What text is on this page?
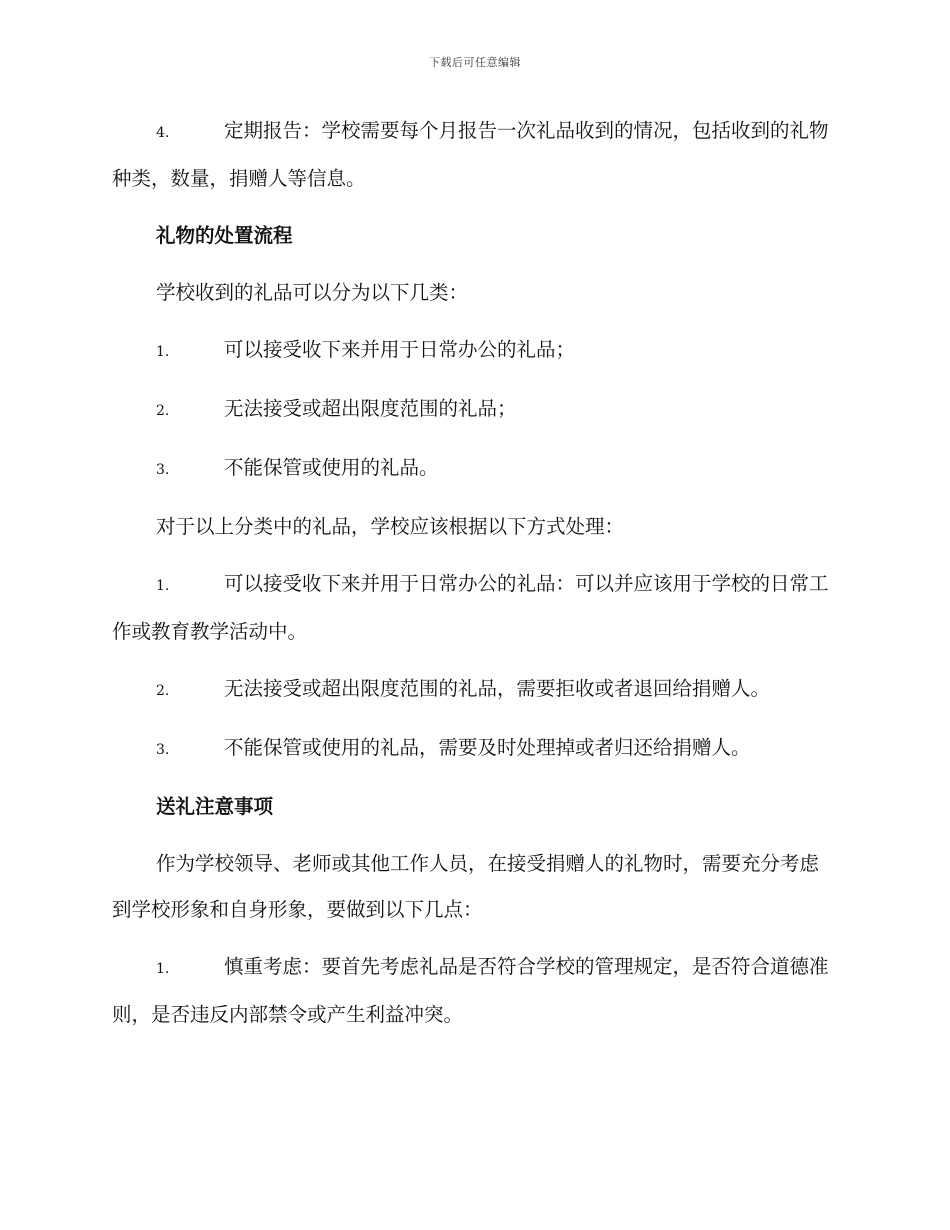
下载后可任意编辑

4.	定期报告：学校需要每个月报告一次礼品收到的情况，包括收到的礼物种类，数量，捐赠人等信息。

礼物的处置流程

学校收到的礼品可以分为以下几类：

1.	可以接受收下来并用于日常办公的礼品；

2.	无法接受或超出限度范围的礼品；

3.	不能保管或使用的礼品。

对于以上分类中的礼品，学校应该根据以下方式处理：

1.	可以接受收下来并用于日常办公的礼品：可以并应该用于学校的日常工作或教育教学活动中。

2.	无法接受或超出限度范围的礼品，需要拒收或者退回给捐赠人。

3.	不能保管或使用的礼品，需要及时处理掉或者归还给捐赠人。

送礼注意事项

作为学校领导、老师或其他工作人员，在接受捐赠人的礼物时，需要充分考虑到学校形象和自身形象，要做到以下几点：

1.	慎重考虑：要首先考虑礼品是否符合学校的管理规定，是否符合道德准则，是否违反内部禁令或产生利益冲突。
